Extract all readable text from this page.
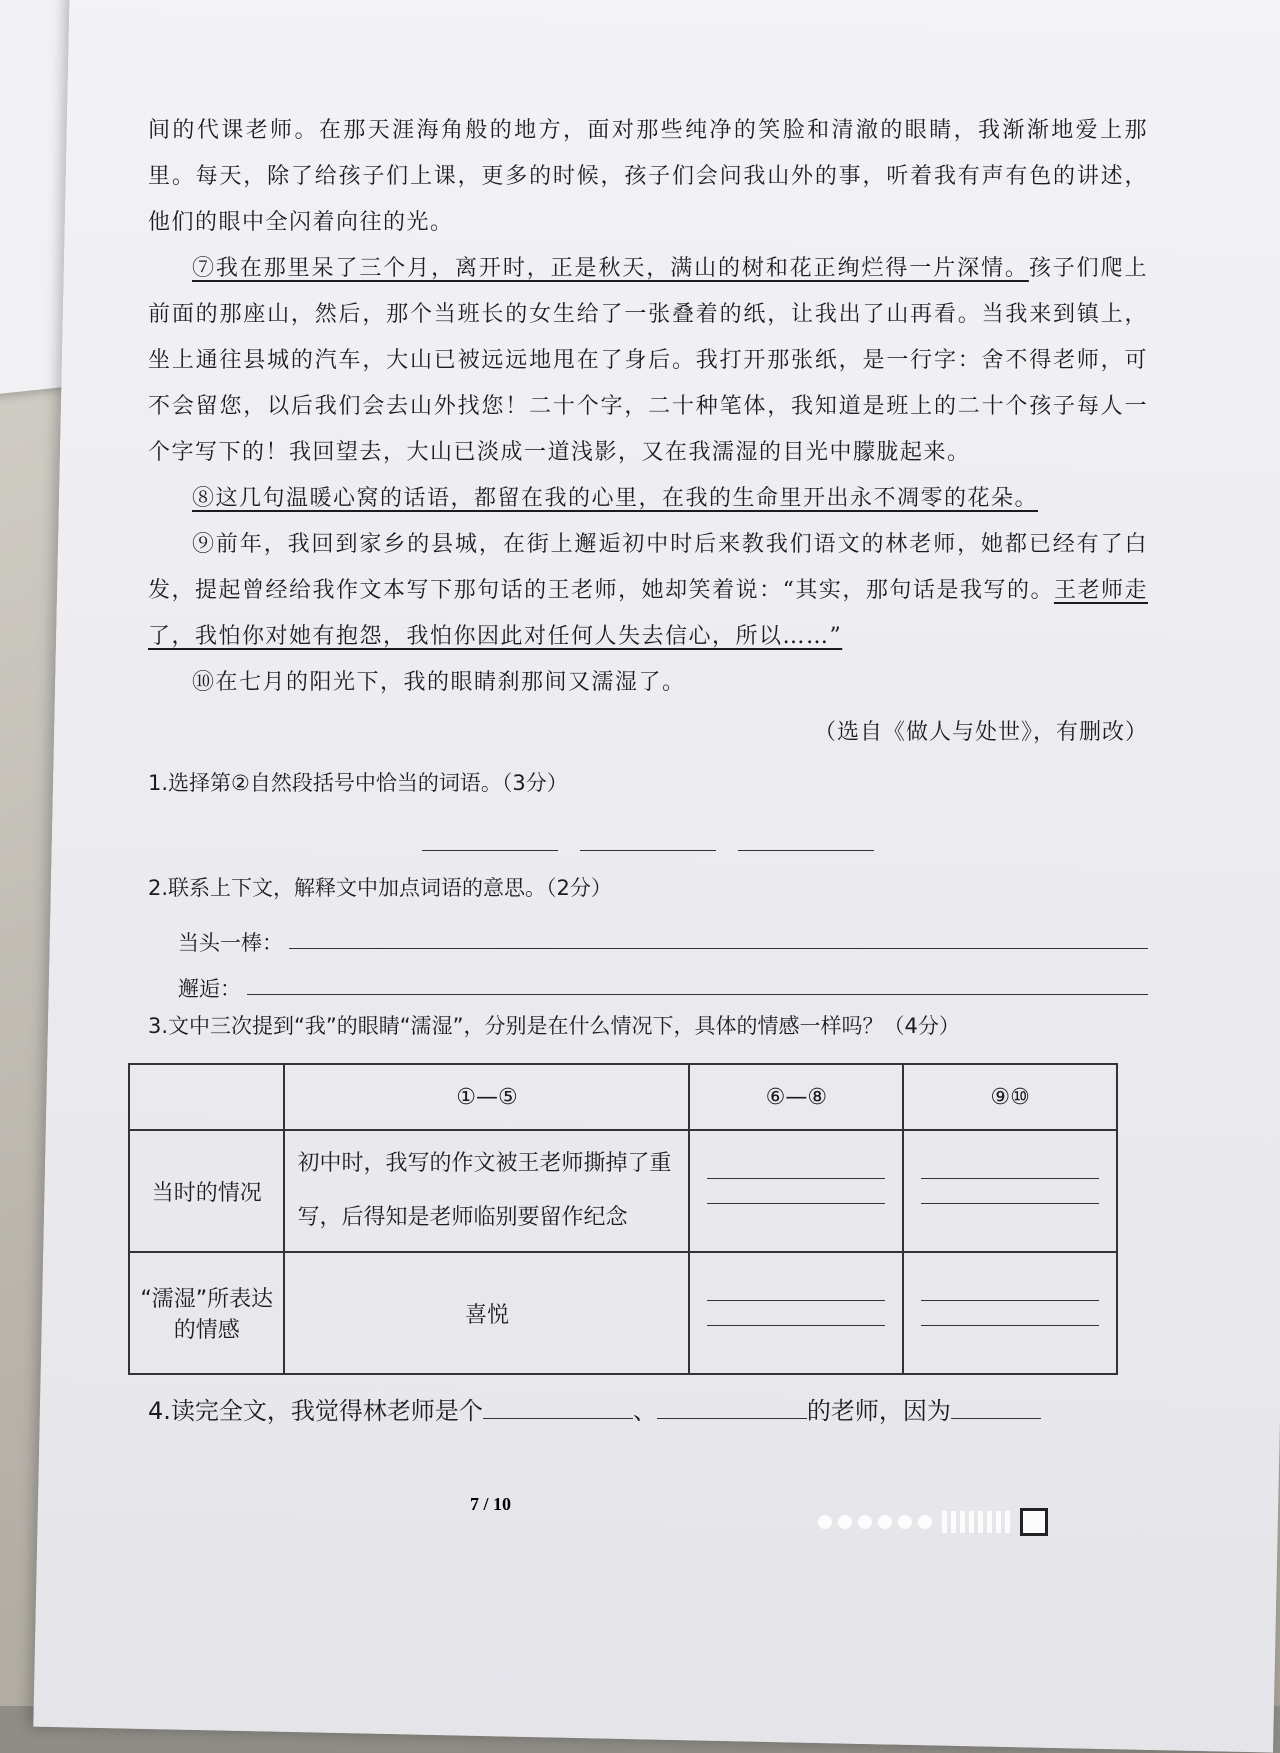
间的代课老师。在那天涯海角般的地方，面对那些纯净的笑脸和清澈的眼睛，我渐渐地爱上那里。每天，除了给孩子们上课，更多的时候，孩子们会问我山外的事，听着我有声有色的讲述，他们的眼中全闪着向往的光。

⑦我在那里呆了三个月，离开时，正是秋天，满山的树和花正绚烂得一片深情。孩子们爬上前面的那座山，然后，那个当班长的女生给了一张叠着的纸，让我出了山再看。当我来到镇上，坐上通往县城的汽车，大山已被远远地甩在了身后。我打开那张纸，是一行字：舍不得老师，可不会留您，以后我们会去山外找您！二十个字，二十种笔体，我知道是班上的二十个孩子每人一个字写下的！我回望去，大山已淡成一道浅影，又在我濡湿的目光中朦胧起来。

⑧这几句温暖心窝的话语，都留在我的心里，在我的生命里开出永不凋零的花朵。

⑨前年，我回到家乡的县城，在街上邂逅初中时后来教我们语文的林老师，她都已经有了白发，提起曾经给我作文本写下那句话的王老师，她却笑着说：“其实，那句话是我写的。王老师走了，我怕你对她有抱怨，我怕你因此对任何人失去信心，所以……”

⑩在七月的阳光下，我的眼睛刹那间又濡湿了。

（选自《做人与处世》，有删改）

1.选择第②自然段括号中恰当的词语。（3分）

2.联系上下文，解释文中加点词语的意思。（2分）

当头一棒：
邂逅：

3.文中三次提到“我”的眼睛“濡湿”，分别是在什么情况下，具体的情感一样吗？（4分）

	①—⑤	⑥—⑧	⑨⑩
当时的情况	初中时，我写的作文被王老师撕掉了重写，后得知是老师临别要留作纪念	

“濡湿”所表达的情感	喜悦	

4.读完全文，我觉得林老师是个	、	的老师，因为

7 / 10
